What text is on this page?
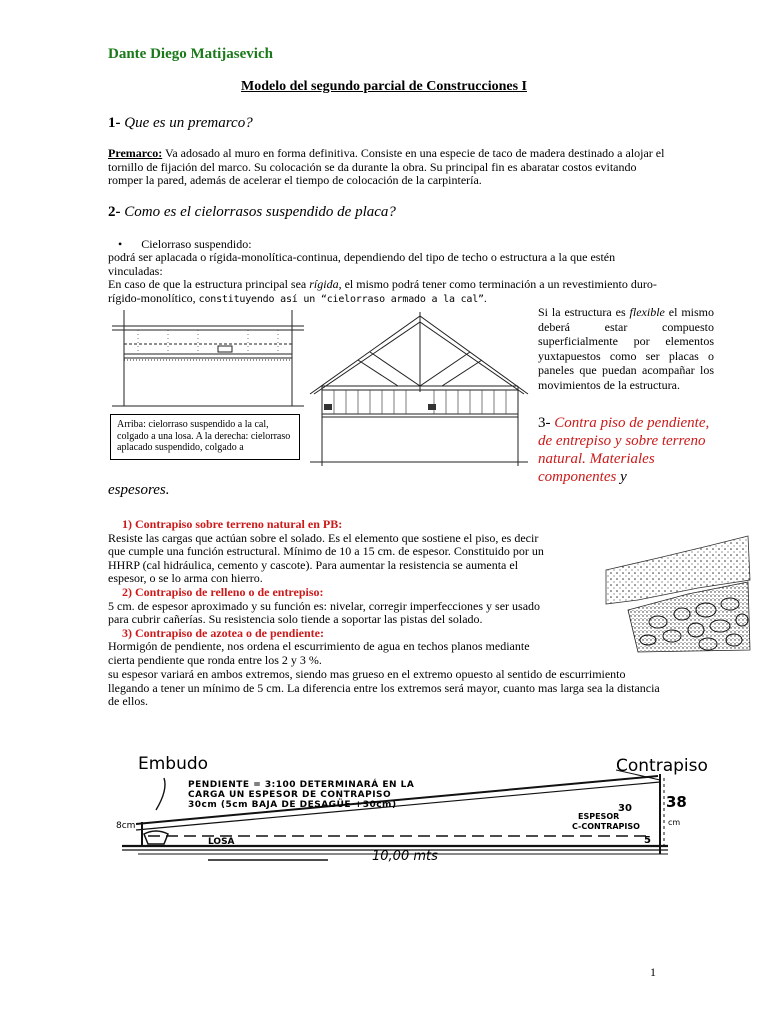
Dante Diego Matijasevich
Modelo del segundo parcial de Construcciones I
1- Que es un premarco?

Premarco: Va adosado al muro en forma definitiva. Consiste en una especie de taco de madera destinado a alojar el

tornillo de fijación del marco. Su colocación se da durante la obra. Su principal fin es abaratar costos evitando

romper la pared, además de acelerar el tiempo de colocación de la carpintería.

2- Como es el cielorrasos suspendido de placa?
• Cielorraso suspendido:

podrá ser aplacada o rígida-monolítica-continua, dependiendo del tipo de techo o estructura a la que estén

vinculadas:

En caso de que la estructura principal sea rígida, el mismo podrá tener como terminación a un revestimiento duro-

rígido-monolítico, constituyendo así un “cielorraso armado a la cal”.

Arriba: cielorraso suspendido a la cal, colgado a una losa. A la derecha: cielorraso aplacado suspendido, colgado a
Si la estructura es flexible el mismo deberá estar compuesto superficialmente por elementos yuxtapuestos como ser placas o paneles que puedan acompañar los movimientos de la estructura.
3- Contra piso de pendiente, de entrepiso y sobre terreno natural. Materiales componentes y
espesores.

1) Contrapiso sobre terreno natural en PB:

Resiste las cargas que actúan sobre el solado. Es el elemento que sostiene el piso, es decir

que cumple una función estructural. Mínimo de 10 a 15 cm. de espesor. Constituido por un

HHRP (cal hidráulica, cemento y cascote). Para aumentar la resistencia se aumenta el

espesor, o se lo arma con hierro.

2) Contrapiso de relleno o de entrepiso:

5 cm. de espesor aproximado y su función es: nivelar, corregir imperfecciones y ser usado

para cubrir cañerías. Su resistencia solo tiende a soportar las pistas del solado.

3) Contrapiso de azotea o de pendiente:

Hormigón de pendiente, nos ordena el escurrimiento de agua en techos planos mediante

cierta pendiente que ronda entre los 2 y 3 %.

su espesor variará en ambos extremos, siendo mas grueso en el extremo opuesto al sentido de escurrimiento

llegando a tener un mínimo de 5 cm. La diferencia entre los extremos será mayor, cuanto mas larga sea la distancia

de ellos.

Embudo	Contrapiso
PENDIENTE = 3:100 DETERMINARÁ EN LA
CARGA UN ESPESOR DE CONTRAPISO
30cm (5cm BAJA DE DESAGÜE +30cm)	38
cm
30
ESPESOR
C-CONTRAPISO
5
8cm
LOSA
10,00 mts
1
